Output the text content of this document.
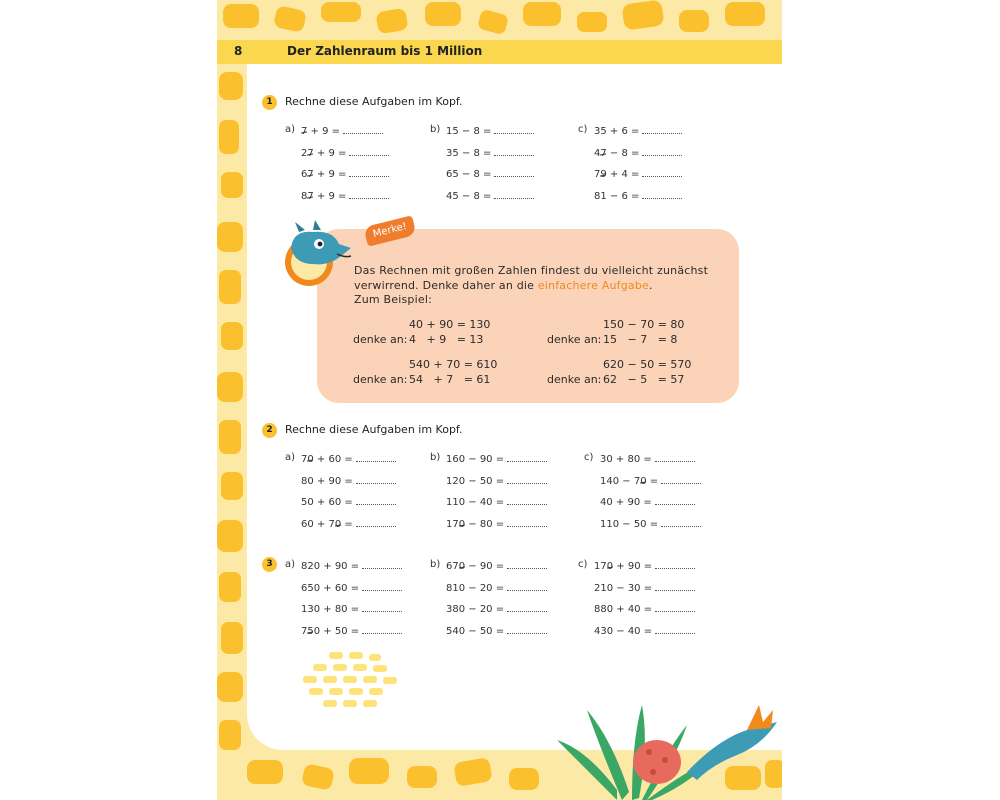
8	Der Zahlenraum bis 1 Million
1	Rechne diese Aufgaben im Kopf.
a) 7 + 9 =
27 + 9 =
67 + 9 =
87 + 9 =
b) 15 − 8 =
35 − 8 =
65 − 8 =
45 − 8 =
c) 35 + 6 =
47 − 8 =
79 + 4 =
81 − 6 =
Merke!
Das Rechnen mit großen Zahlen findest du vielleicht zunächst
verwirrend. Denke daher an die einfachere Aufgabe.
Zum Beispiel:
40 + 90 = 130
denke an: 4   + 9   = 13
150 − 70 = 80
denke an: 15   − 7   = 8
540 + 70 = 610
denke an: 54   + 7   = 61
620 − 50 = 570
denke an: 62   − 5   = 57
2	Rechne diese Aufgaben im Kopf.
a) 70 + 60 =
80 + 90 =
50 + 60 =
60 + 70 =
b) 160 − 90 =
120 − 50 =
110 − 40 =
170 − 80 =
c) 30 + 80 =
140 − 70 =
40 + 90 =
110 − 50 =
3	a) 820 + 90 =
650 + 60 =
130 + 80 =
750 + 50 =
b) 670 − 90 =
810 − 20 =
380 − 20 =
540 − 50 =
c) 170 + 90 =
210 − 30 =
880 + 40 =
430 − 40 =
